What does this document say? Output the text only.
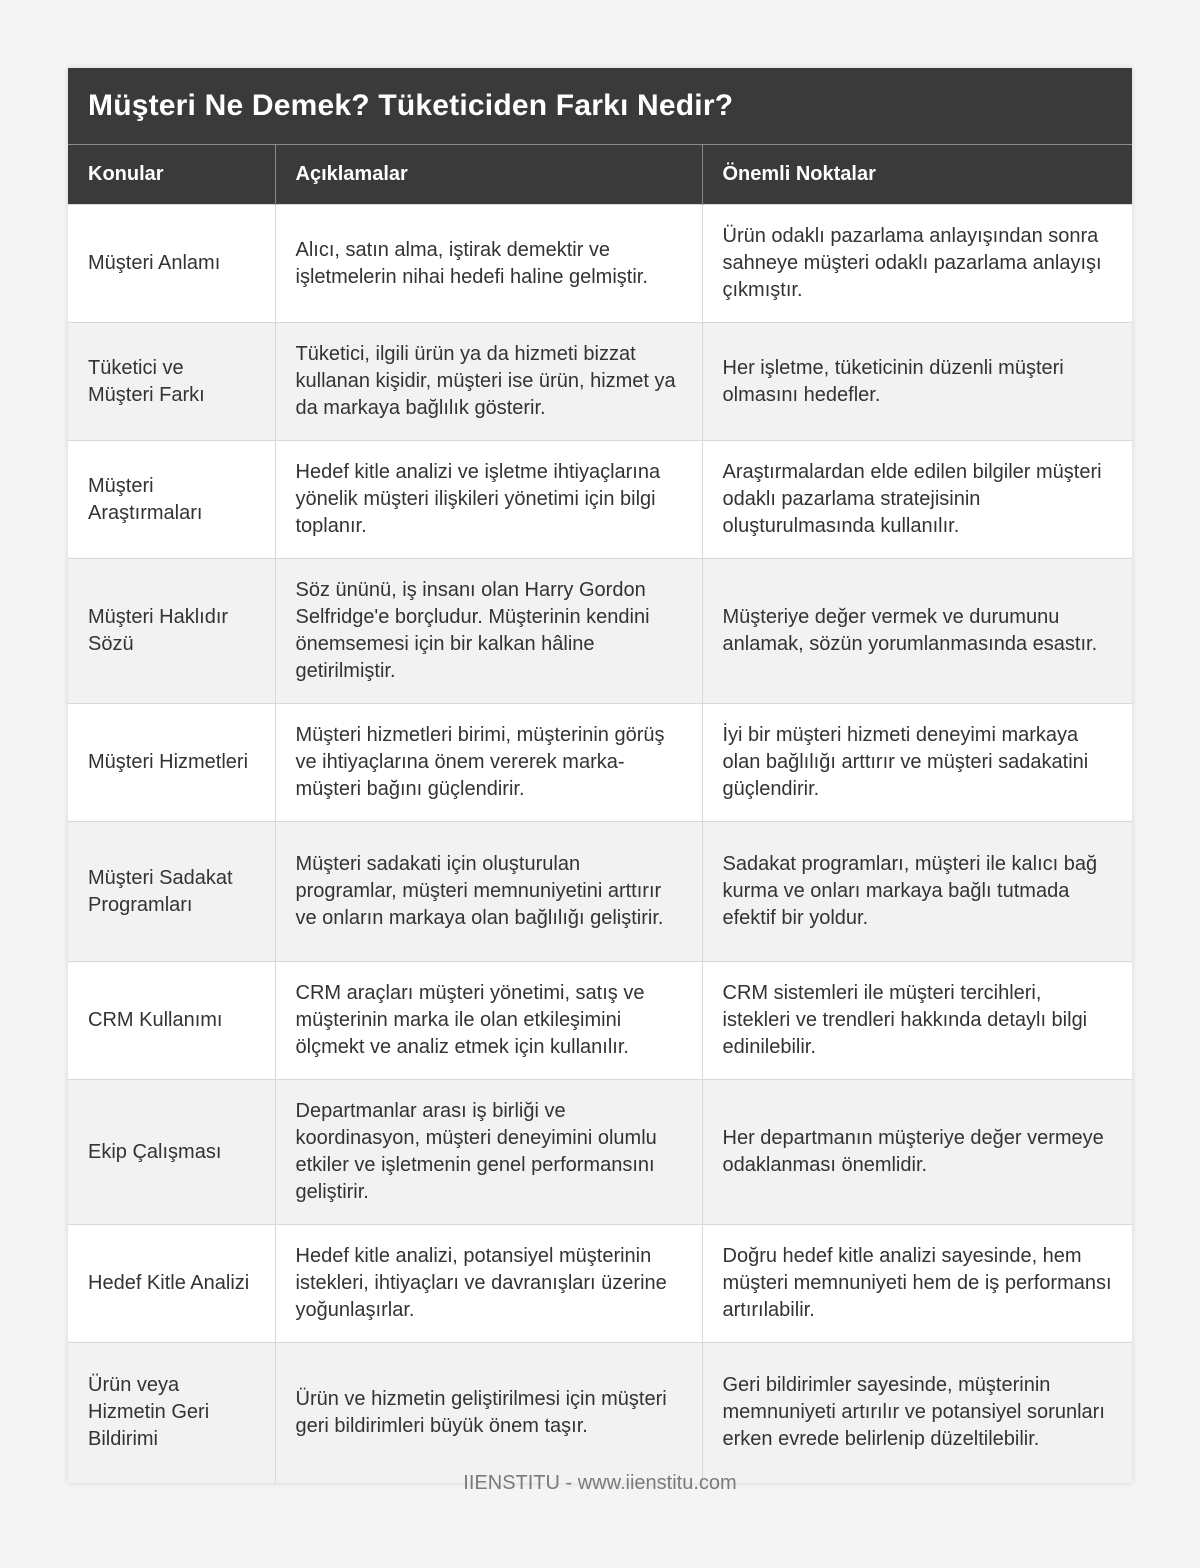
Müşteri Ne Demek? Tüketiciden Farkı Nedir?
Konular	Açıklamalar	Önemli Noktalar
Müşteri Anlamı	Alıcı, satın alma, iştirak demektir ve işletmelerin nihai hedefi haline gelmiştir.	Ürün odaklı pazarlama anlayışından sonra sahneye müşteri odaklı pazarlama anlayışı çıkmıştır.
Tüketici ve Müşteri Farkı	Tüketici, ilgili ürün ya da hizmeti bizzat kullanan kişidir, müşteri ise ürün, hizmet ya da markaya bağlılık gösterir.	Her işletme, tüketicinin düzenli müşteri olmasını hedefler.
Müşteri Araştırmaları	Hedef kitle analizi ve işletme ihtiyaçlarına yönelik müşteri ilişkileri yönetimi için bilgi toplanır.	Araştırmalardan elde edilen bilgiler müşteri odaklı pazarlama stratejisinin oluşturulmasında kullanılır.
Müşteri Haklıdır Sözü	Söz ününü, iş insanı olan Harry Gordon Selfridge'e borçludur. Müşterinin kendini önemsemesi için bir kalkan hâline getirilmiştir.	Müşteriye değer vermek ve durumunu anlamak, sözün yorumlanmasında esastır.
Müşteri Hizmetleri	Müşteri hizmetleri birimi, müşterinin görüş ve ihtiyaçlarına önem vererek marka-müşteri bağını güçlendirir.	İyi bir müşteri hizmeti deneyimi markaya olan bağlılığı arttırır ve müşteri sadakatini güçlendirir.
Müşteri Sadakat Programları	Müşteri sadakati için oluşturulan programlar, müşteri memnuniyetini arttırır ve onların markaya olan bağlılığı geliştirir.	Sadakat programları, müşteri ile kalıcı bağ kurma ve onları markaya bağlı tutmada efektif bir yoldur.
CRM Kullanımı	CRM araçları müşteri yönetimi, satış ve müşterinin marka ile olan etkileşimini ölçmekt ve analiz etmek için kullanılır.	CRM sistemleri ile müşteri tercihleri, istekleri ve trendleri hakkında detaylı bilgi edinilebilir.
Ekip Çalışması	Departmanlar arası iş birliği ve koordinasyon, müşteri deneyimini olumlu etkiler ve işletmenin genel performansını geliştirir.	Her departmanın müşteriye değer vermeye odaklanması önemlidir.
Hedef Kitle Analizi	Hedef kitle analizi, potansiyel müşterinin istekleri, ihtiyaçları ve davranışları üzerine yoğunlaşırlar.	Doğru hedef kitle analizi sayesinde, hem müşteri memnuniyeti hem de iş performansı artırılabilir.
Ürün veya Hizmetin Geri Bildirimi	Ürün ve hizmetin geliştirilmesi için müşteri geri bildirimleri büyük önem taşır.	Geri bildirimler sayesinde, müşterinin memnuniyeti artırılır ve potansiyel sorunları erken evrede belirlenip düzeltilebilir.
IIENSTITU - www.iienstitu.com
